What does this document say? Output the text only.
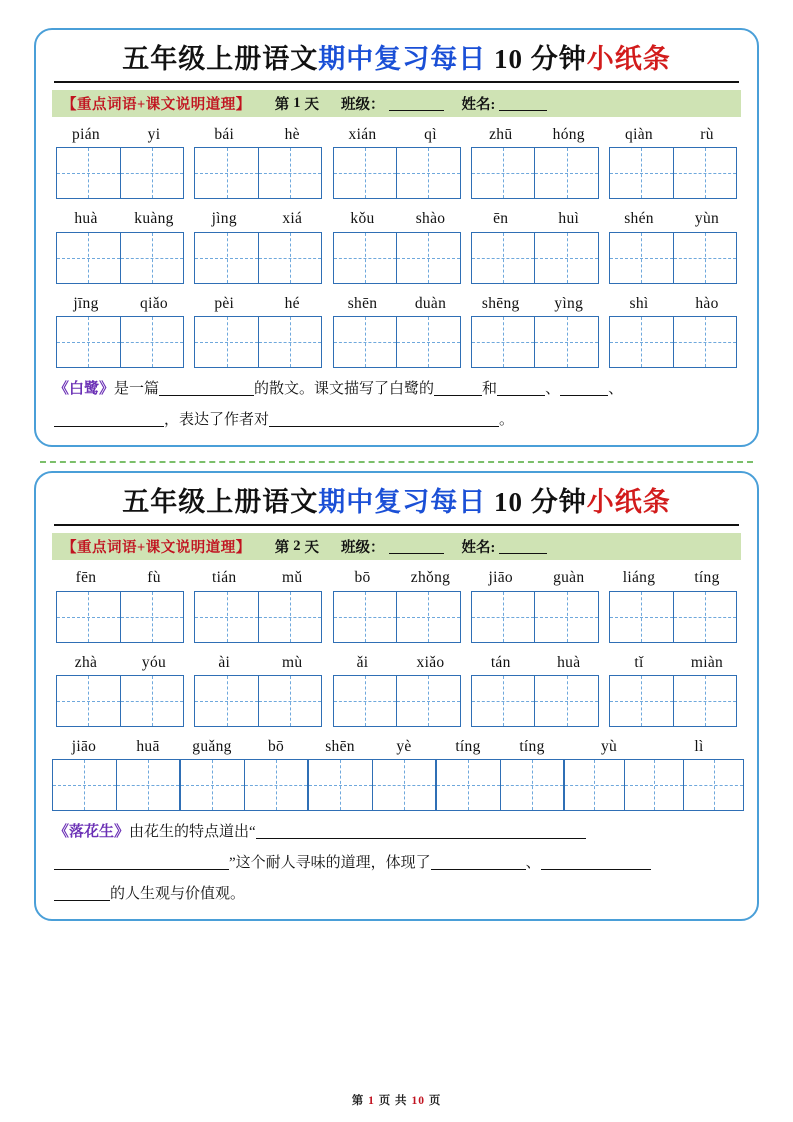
五年级上册语文期中复习每日 10 分钟小纸条
【重点词语+课文说明道理】	第 1 天 班级：	姓名:
pián	yi	bái	hè	xián	qì	zhū	hóng	qiàn	rù
huà	kuàng	jìng	xiá	kǒu	shào	ēn	huì	shén	yùn
jīng	qiǎo	pèi	hé	shēn	duàn	shēng	yìng	shì	hào
《白鹭》是一篇	的散文。课文描写了白鹭的	和	、	、
，表达了作者对	。
五年级上册语文期中复习每日 10 分钟小纸条
【重点词语+课文说明道理】	第 2 天 班级：	姓名:
fēn	fù	tián	mǔ	bō	zhǒng	jiāo	guàn	liáng	tíng
zhà	yóu	ài	mù	ǎi	xiǎo	tán	huà	tǐ	miàn
jiāo	huā	guǎng	bō	shēn	yè	tíng	tíng	yù	lì
《落花生》由花生的特点道出“
”这个耐人寻味的道理，体现了	、
的人生观与价值观。
第 1 页 共 10 页
